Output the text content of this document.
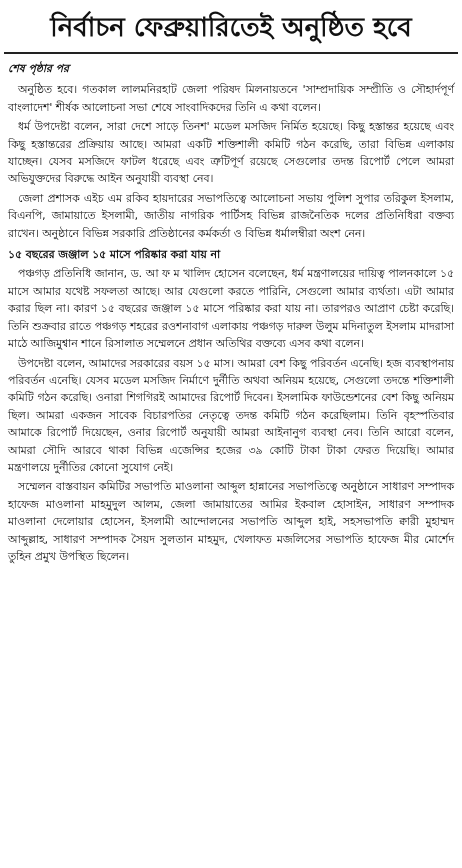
নির্বাচন ফেব্রুয়ারিতেই অনুষ্ঠিত হবে
শেষ পৃষ্ঠার পর

অনুষ্ঠিত হবে। গতকাল লালমনিরহাট জেলা পরিষদ মিলনায়তনে 'সাম্প্রদায়িক সম্প্রীতি ও সৌহার্দপূর্ণ বাংলাদেশ' শীর্ষক আলোচনা সভা শেষে সাংবাদিকদের তিনি এ কথা বলেন।

ধর্ম উপদেষ্টা বলেন, সারা দেশে সাড়ে তিনশ' মডেল মসজিদ নির্মিত হয়েছে। কিছু হস্তান্তর হয়েছে এবং কিছু হস্তান্তরের প্রক্রিয়ায় আছে। আমরা একটি শক্তিশালী কমিটি গঠন করেছি, তারা বিভিন্ন এলাকায় যাচ্ছেন। যেসব মসজিদে ফাটল ধরেছে এবং ত্রুটিপূর্ণ রয়েছে সেগুলোর তদন্ত রিপোর্ট পেলে আমরা অভিযুক্তদের বিরুদ্ধে আইন অনুযায়ী ব্যবস্থা নেব।

জেলা প্রশাসক এইচ এম রকিব হায়দারের সভাপতিত্বে আলোচনা সভায় পুলিশ সুপার তরিকুল ইসলাম, বিএনপি, জামায়াতে ইসলামী, জাতীয় নাগরিক পার্টিসহ বিভিন্ন রাজনৈতিক দলের প্রতিনিধিরা বক্তব্য রাখেন। অনুষ্ঠানে বিভিন্ন সরকারি প্রতিষ্ঠানের কর্মকর্তা ও বিভিন্ন ধর্মালম্বীরা অংশ নেন।

১৫ বছরের জঞ্জাল ১৫ মাসে পরিষ্কার করা যায় না

পঞ্চগড় প্রতিনিধি জানান, ড. আ ফ ম খালিদ হোসেন বলেছেন, ধর্ম মন্ত্রণালয়ের দায়িত্ব পালনকালে ১৫ মাসে আমার যথেষ্ট সফলতা আছে। আর যেগুলো করতে পারিনি, সেগুলো আমার ব্যর্থতা। এটা আমার করার ছিল না। কারণ ১৫ বছরের জঞ্জাল ১৫ মাসে পরিষ্কার করা যায় না। তারপরও আপ্রাণ চেষ্টা করেছি। তিনি শুক্রবার রাতে পঞ্চগড় শহরের রওশনাবাগ এলাকায় পঞ্চগড় দারুল উলুম মদিনাতুল ইসলাম মাদরাসা মাঠে আজিমুশ্বান শানে রিসালাত সম্মেলনে প্রধান অতিথির বক্তব্যে এসব কথা বলেন।

উপদেষ্টা বলেন, আমাদের সরকারের বয়স ১৫ মাস। আমরা বেশ কিছু পরিবর্তন এনেছি। হজ ব্যবস্থাপনায় পরিবর্তন এনেছি। যেসব মডেল মসজিদ নির্মাণে দুর্নীতি অথবা অনিয়ম হয়েছে, সেগুলো তদন্তে শক্তিশালী কমিটি গঠন করেছি। ওনারা শিগগিরই আমাদের রিপোর্ট দিবেন। ইসলামিক ফাউন্ডেশনের বেশ কিছু অনিয়ম ছিল। আমরা একজন সাবেক বিচারপতির নেতৃত্বে তদন্ত কমিটি গঠন করেছিলাম। তিনি বৃহস্পতিবার আমাকে রিপোর্ট দিয়েছেন, ওনার রিপোর্ট অনুযায়ী আমরা আইনানুগ ব্যবস্থা নেব। তিনি আরো বলেন, আমরা সৌদি আরবে থাকা বিভিন্ন এজেন্সির হজের ৩৯ কোটি টাকা টাকা ফেরত দিয়েছি। আমার মন্ত্রণালয়ে দুর্নীতির কোনো সুযোগ নেই।

সম্মেলন বাস্তবায়ন কমিটির সভাপতি মাওলানা আব্দুল হান্নানের সভাপতিত্বে অনুষ্ঠানে সাধারণ সম্পাদক হাফেজ মাওলানা মাহমুদুল আলম, জেলা জামায়াতের আমির ইকবাল হোসাইন, সাধারণ সম্পাদক মাওলানা দেলোয়ার হোসেন, ইসলামী আন্দোলনের সভাপতি আব্দুল হাই, সহসভাপতি ক্বারী মুহাম্মদ আব্দুল্লাহ, সাধারণ সম্পাদক সৈয়দ সুলতান মাহমুদ, খেলাফত মজলিসের সভাপতি হাফেজ মীর মোর্শেদ তুহিন প্রমুখ উপস্থিত ছিলেন।
